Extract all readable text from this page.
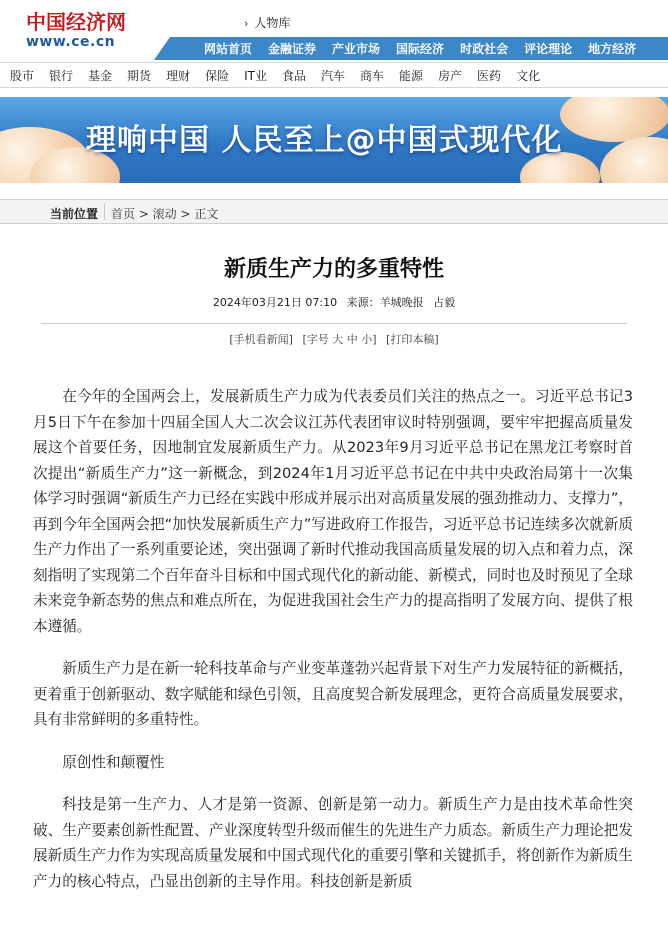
中国经济网
www.ce.cn
› 人物库
网站首页 金融证券 产业市场 国际经济 时政社会 评论理论 地方经济
股市 银行 基金 期货 理财 保险 IT业 食品 汽车 商车 能源 房产 医药 文化
理响中国 人民至上@中国式现代化
当前位置 首页 > 滚动 > 正文
新质生产力的多重特性
2024年03月21日 07:10 来源：羊城晚报 占毅
[手机看新闻] [字号 大 中 小] [打印本稿]

在今年的全国两会上，发展新质生产力成为代表委员们关注的热点之一。习近平总书记3月5日下午在参加十四届全国人大二次会议江苏代表团审议时特别强调，要牢牢把握高质量发展这个首要任务，因地制宜发展新质生产力。从2023年9月习近平总书记在黑龙江考察时首次提出“新质生产力”这一新概念，到2024年1月习近平总书记在中共中央政治局第十一次集体学习时强调“新质生产力已经在实践中形成并展示出对高质量发展的强劲推动力、支撑力”，再到今年全国两会把“加快发展新质生产力”写进政府工作报告，习近平总书记连续多次就新质生产力作出了一系列重要论述，突出强调了新时代推动我国高质量发展的切入点和着力点，深刻指明了实现第二个百年奋斗目标和中国式现代化的新动能、新模式，同时也及时预见了全球未来竞争新态势的焦点和难点所在，为促进我国社会生产力的提高指明了发展方向、提供了根本遵循。

新质生产力是在新一轮科技革命与产业变革蓬勃兴起背景下对生产力发展特征的新概括，更着重于创新驱动、数字赋能和绿色引领，且高度契合新发展理念，更符合高质量发展要求，具有非常鲜明的多重特性。

原创性和颠覆性

科技是第一生产力、人才是第一资源、创新是第一动力。新质生产力是由技术革命性突破、生产要素创新性配置、产业深度转型升级而催生的先进生产力质态。新质生产力理论把发展新质生产力作为实现高质量发展和中国式现代化的重要引擎和关键抓手，将创新作为新质生产力的核心特点，凸显出创新的主导作用。科技创新是新质
